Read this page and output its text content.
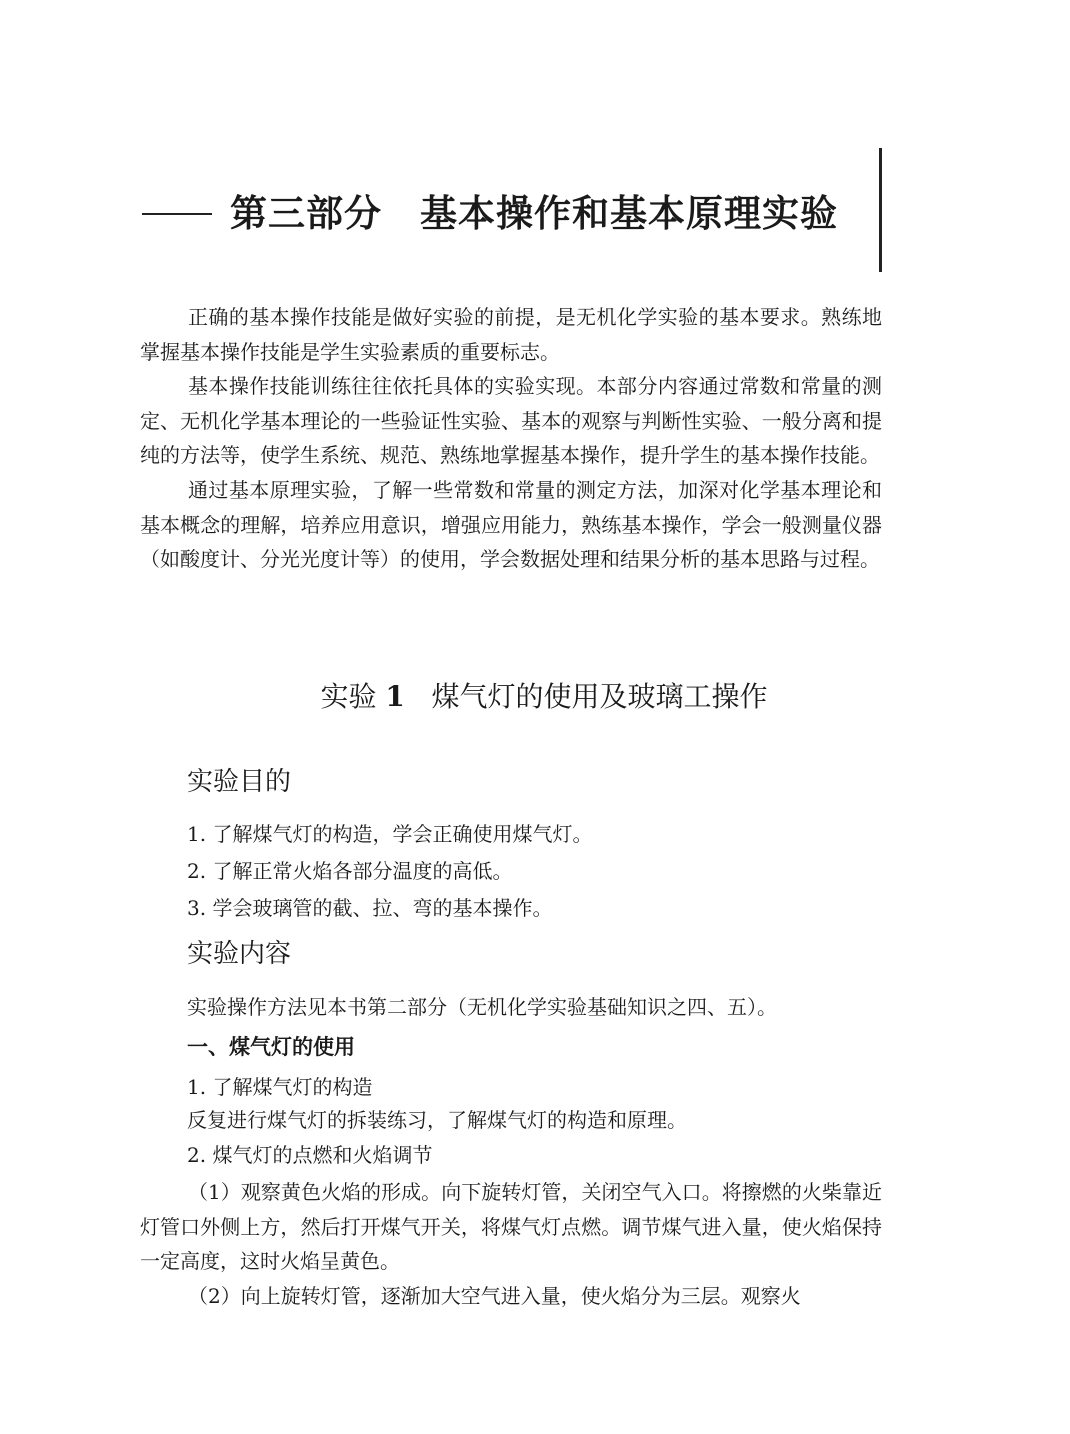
第三部分　基本操作和基本原理实验

正确的基本操作技能是做好实验的前提，是无机化学实验的基本要求。熟练地掌握基本操作技能是学生实验素质的重要标志。

基本操作技能训练往往依托具体的实验实现。本部分内容通过常数和常量的测定、无机化学基本理论的一些验证性实验、基本的观察与判断性实验、一般分离和提纯的方法等，使学生系统、规范、熟练地掌握基本操作，提升学生的基本操作技能。

通过基本原理实验，了解一些常数和常量的测定方法，加深对化学基本理论和基本概念的理解，培养应用意识，增强应用能力，熟练基本操作，学会一般测量仪器（如酸度计、分光光度计等）的使用，学会数据处理和结果分析的基本思路与过程。

实验 1 煤气灯的使用及玻璃工操作
实验目的
1. 了解煤气灯的构造，学会正确使用煤气灯。
2. 了解正常火焰各部分温度的高低。
3. 学会玻璃管的截、拉、弯的基本操作。
实验内容
实验操作方法见本书第二部分（无机化学实验基础知识之四、五）。
一、煤气灯的使用
1. 了解煤气灯的构造
反复进行煤气灯的拆装练习，了解煤气灯的构造和原理。
2. 煤气灯的点燃和火焰调节

（1）观察黄色火焰的形成。向下旋转灯管，关闭空气入口。将擦燃的火柴靠近灯管口外侧上方，然后打开煤气开关，将煤气灯点燃。调节煤气进入量，使火焰保持一定高度，这时火焰呈黄色。

（2）向上旋转灯管，逐渐加大空气进入量，使火焰分为三层。观察火
